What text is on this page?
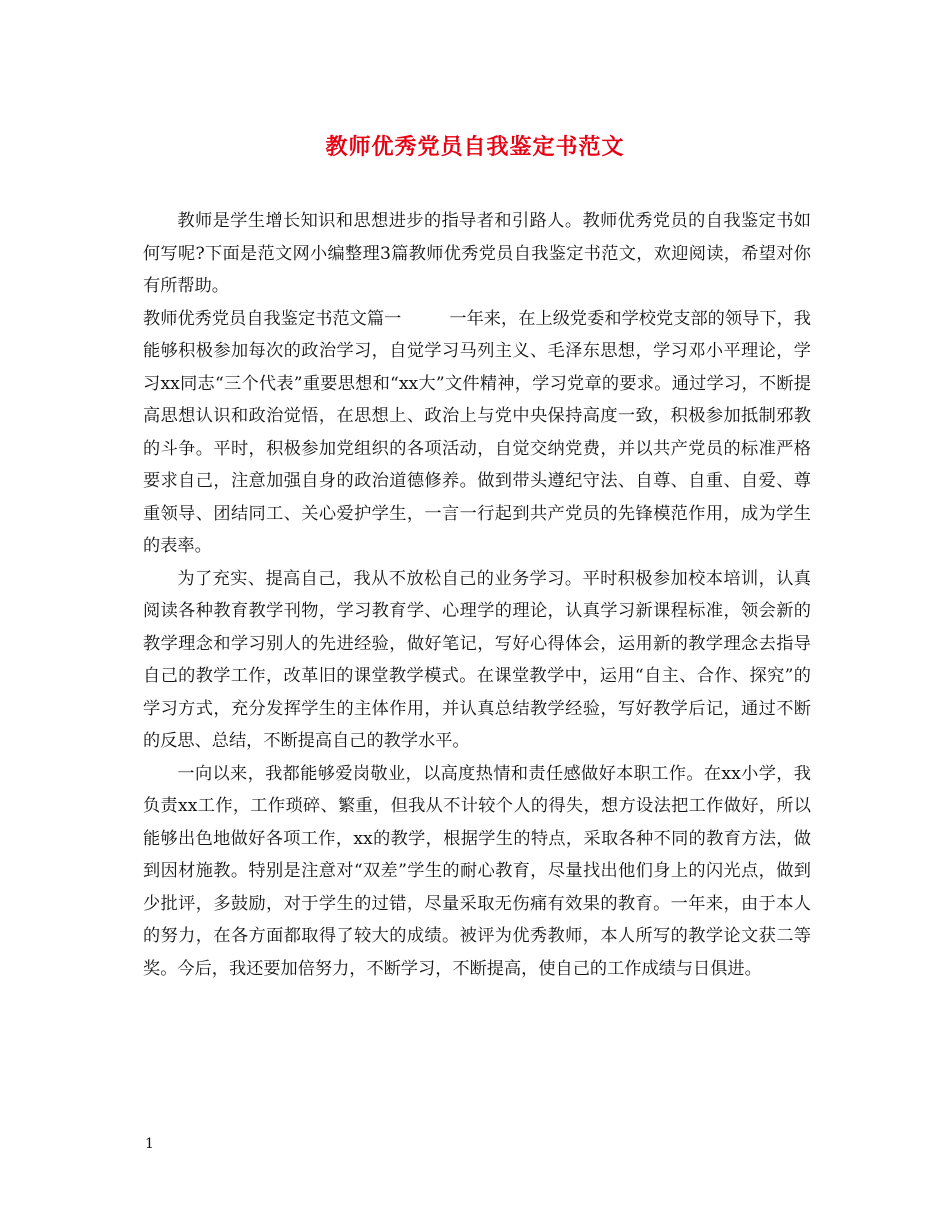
教师优秀党员自我鉴定书范文

教师是学生增长知识和思想进步的指导者和引路人。教师优秀党员的自我鉴定书如何写呢?下面是范文网小编整理3篇教师优秀党员自我鉴定书范文，欢迎阅读，希望对你有所帮助。

教师优秀党员自我鉴定书范文篇一	一年来，在上级党委和学校党支部的领导下，我能够积极参加每次的政治学习，自觉学习马列主义、毛泽东思想，学习邓小平理论，学习xx同志“三个代表”重要思想和“xx大”文件精神，学习党章的要求。通过学习，不断提高思想认识和政治觉悟，在思想上、政治上与党中央保持高度一致，积极参加抵制邪教的斗争。平时，积极参加党组织的各项活动，自觉交纳党费，并以共产党员的标准严格要求自己，注意加强自身的政治道德修养。做到带头遵纪守法、自尊、自重、自爱、尊重领导、团结同工、关心爱护学生，一言一行起到共产党员的先锋模范作用，成为学生的表率。

为了充实、提高自己，我从不放松自己的业务学习。平时积极参加校本培训，认真阅读各种教育教学刊物，学习教育学、心理学的理论，认真学习新课程标准，领会新的教学理念和学习别人的先进经验，做好笔记，写好心得体会，运用新的教学理念去指导自己的教学工作，改革旧的课堂教学模式。在课堂教学中，运用“自主、合作、探究”的学习方式，充分发挥学生的主体作用，并认真总结教学经验，写好教学后记，通过不断的反思、总结，不断提高自己的教学水平。

一向以来，我都能够爱岗敬业，以高度热情和责任感做好本职工作。在xx小学，我负责xx工作，工作琐碎、繁重，但我从不计较个人的得失，想方设法把工作做好，所以能够出色地做好各项工作，xx的教学，根据学生的特点，采取各种不同的教育方法，做到因材施教。特别是注意对“双差”学生的耐心教育，尽量找出他们身上的闪光点，做到少批评，多鼓励，对于学生的过错，尽量采取无伤痛有效果的教育。一年来，由于本人的努力，在各方面都取得了较大的成绩。被评为优秀教师，本人所写的教学论文获二等奖。今后，我还要加倍努力，不断学习，不断提高，使自己的工作成绩与日俱进。

1
